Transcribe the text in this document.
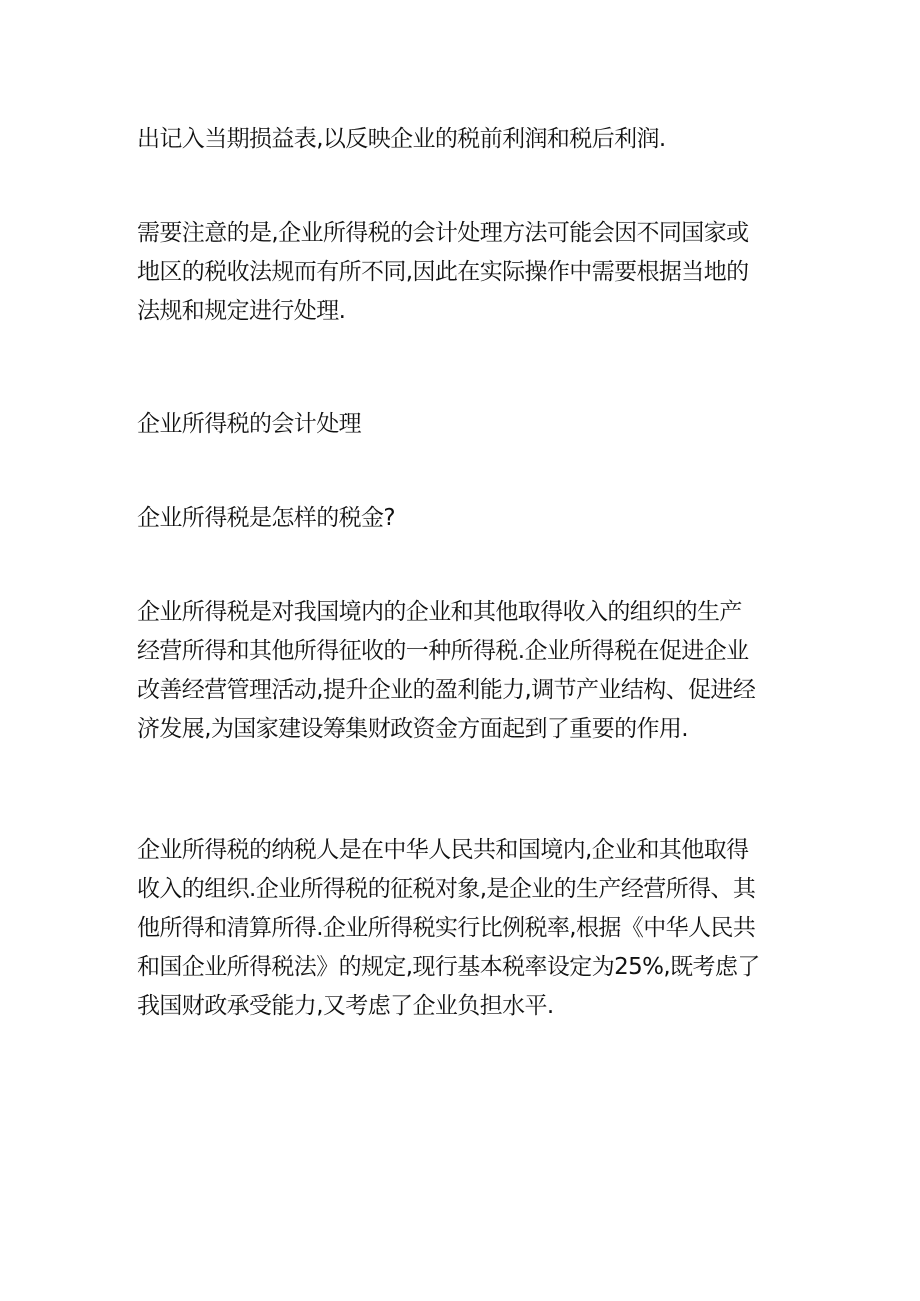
出记入当期损益表,以反映企业的税前利润和税后利润.

需要注意的是,企业所得税的会计处理方法可能会因不同国家或
地区的税收法规而有所不同,因此在实际操作中需要根据当地的
法规和规定进行处理.

企业所得税的会计处理

企业所得税是怎样的税金?

企业所得税是对我国境内的企业和其他取得收入的组织的生产
经营所得和其他所得征收的一种所得税.企业所得税在促进企业
改善经营管理活动,提升企业的盈利能力,调节产业结构、促进经
济发展,为国家建设筹集财政资金方面起到了重要的作用.

企业所得税的纳税人是在中华人民共和国境内,企业和其他取得
收入的组织.企业所得税的征税对象,是企业的生产经营所得、其
他所得和清算所得.企业所得税实行比例税率,根据《中华人民共
和国企业所得税法》的规定,现行基本税率设定为25%,既考虑了
我国财政承受能力,又考虑了企业负担水平.
